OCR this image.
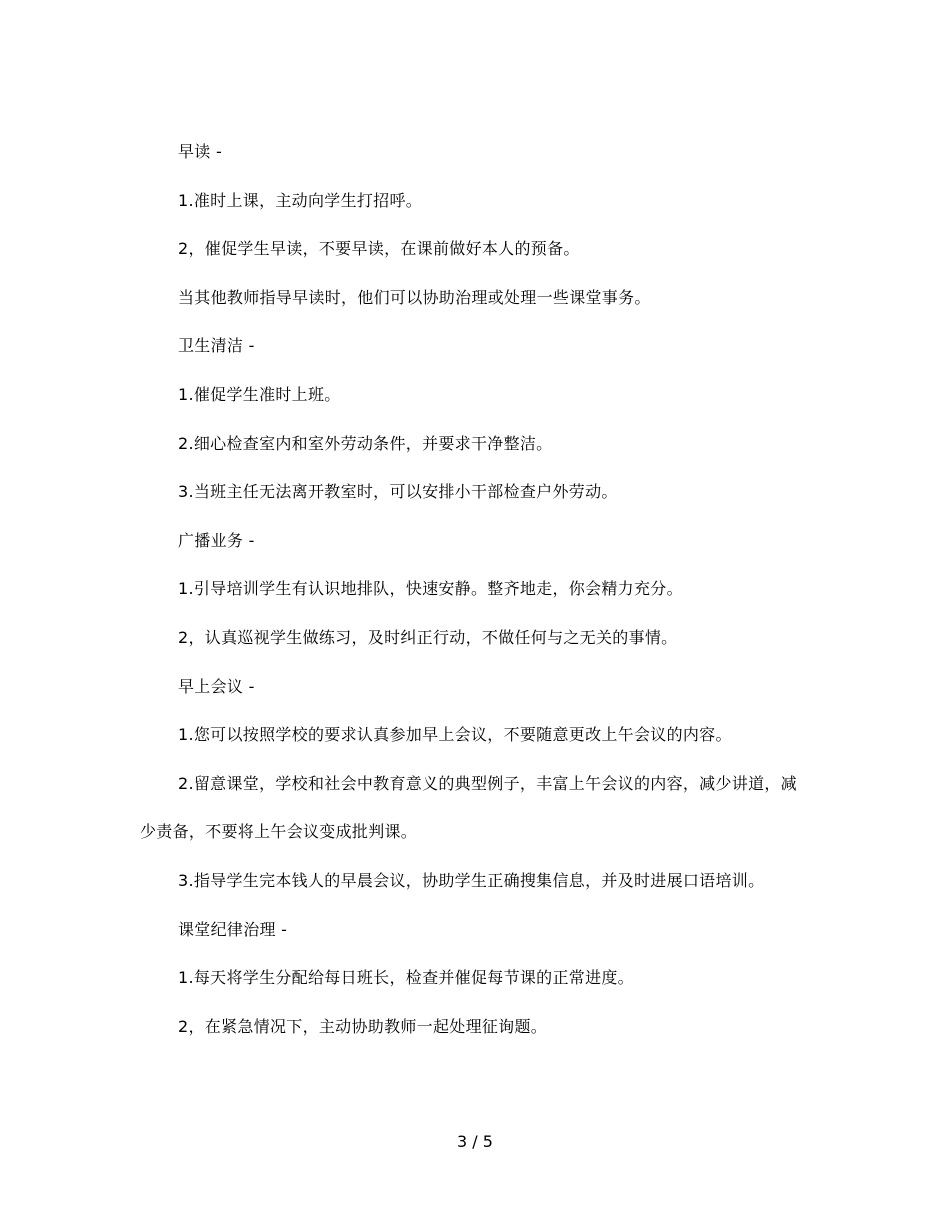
早读 -

1.准时上课，主动向学生打招呼。

2，催促学生早读，不要早读，在课前做好本人的预备。

当其他教师指导早读时，他们可以协助治理或处理一些课堂事务。

卫生清洁 -

1.催促学生准时上班。

2.细心检查室内和室外劳动条件，并要求干净整洁。

3.当班主任无法离开教室时，可以安排小干部检查户外劳动。

广播业务 -

1.引导培训学生有认识地排队，快速安静。整齐地走，你会精力充分。

2，认真巡视学生做练习，及时纠正行动，不做任何与之无关的事情。

早上会议 -

1.您可以按照学校的要求认真参加早上会议，不要随意更改上午会议的内容。

2.留意课堂，学校和社会中教育意义的典型例子，丰富上午会议的内容，减少讲道，减少责备，不要将上午会议变成批判课。

3.指导学生完本钱人的早晨会议，协助学生正确搜集信息，并及时进展口语培训。

课堂纪律治理 -

1.每天将学生分配给每日班长，检查并催促每节课的正常进度。

2，在紧急情况下，主动协助教师一起处理征询题。

3 / 5
